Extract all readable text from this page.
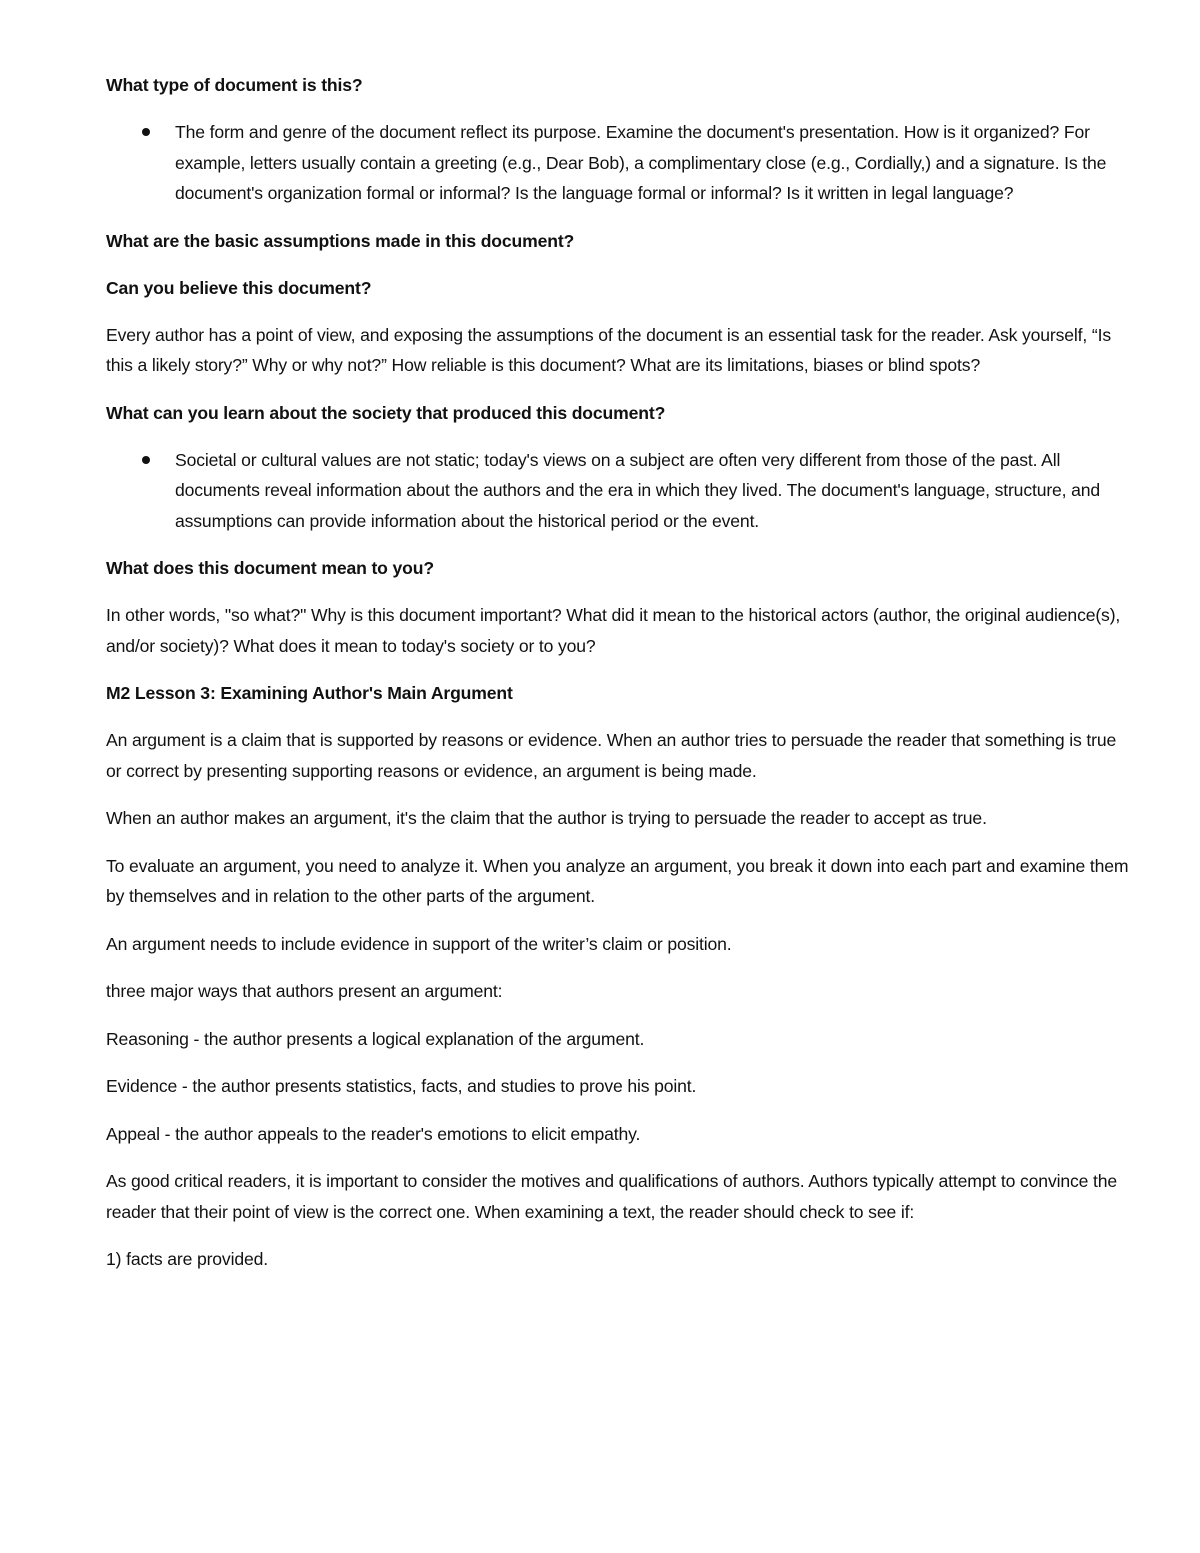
What type of document is this?
The form and genre of the document reflect its purpose. Examine the document's presentation. How is it organized? For example, letters usually contain a greeting (e.g., Dear Bob), a complimentary close (e.g., Cordially,) and a signature. Is the document's organization formal or informal? Is the language formal or informal? Is it written in legal language?
What are the basic assumptions made in this document?
Can you believe this document?
Every author has a point of view, and exposing the assumptions of the document is an essential task for the reader. Ask yourself, “Is this a likely story?” Why or why not?” How reliable is this document? What are its limitations, biases or blind spots?
What can you learn about the society that produced this document?
Societal or cultural values are not static; today's views on a subject are often very different from those of the past. All documents reveal information about the authors and the era in which they lived. The document's language, structure, and assumptions can provide information about the historical period or the event.
What does this document mean to you?
In other words, "so what?" Why is this document important? What did it mean to the historical actors (author, the original audience(s), and/or society)? What does it mean to today's society or to you?
M2 Lesson 3: Examining Author's Main Argument
An argument is a claim that is supported by reasons or evidence. When an author tries to persuade the reader that something is true or correct by presenting supporting reasons or evidence, an argument is being made.
When an author makes an argument, it's the claim that the author is trying to persuade the reader to accept as true.
To evaluate an argument, you need to analyze it. When you analyze an argument, you break it down into each part and examine them by themselves and in relation to the other parts of the argument.
An argument needs to include evidence in support of the writer’s claim or position.
three major ways that authors present an argument:
Reasoning - the author presents a logical explanation of the argument.
Evidence - the author presents statistics, facts, and studies to prove his point.
Appeal - the author appeals to the reader's emotions to elicit empathy.
As good critical readers, it is important to consider the motives and qualifications of authors. Authors typically attempt to convince the reader that their point of view is the correct one. When examining a text, the reader should check to see if:
1) facts are provided.
